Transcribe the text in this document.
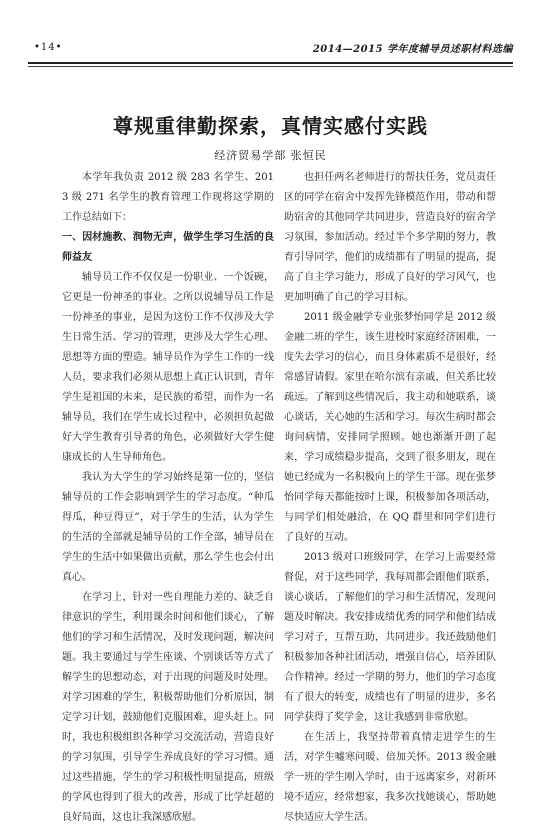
•14•	2014—2015 学年度辅导员述职材料选编
尊规重律勤探索，真情实感付实践
经济贸易学部 张恒民

本学年我负责 2012 级 283 名学生、2013 级 271 名学生的教育管理工作现将这学期的工作总结如下：

一、因材施教、润物无声，做学生学习生活的良师益友

辅导员工作不仅仅是一份职业、一个饭碗，它更是一份神圣的事业。之所以说辅导员工作是一份神圣的事业，是因为这份工作不仅涉及大学生日常生活、学习的管理，更涉及大学生心理、思想等方面的塑造。辅导员作为学生工作的一线人员，要求我们必须从思想上真正认识到，青年学生是祖国的未来，是民族的希望，而作为一名辅导员，我们在学生成长过程中，必须担负起做好大学生教育引导者的角色，必须做好大学生健康成长的人生导师角色。

我认为大学生的学习始终是第一位的，坚信辅导员的工作会影响到学生的学习态度。“种瓜得瓜，种豆得豆”，对于学生的生活，认为学生的生活的全部就是辅导员的工作全部，辅导员在学生的生活中如果做出贡献，那么学生也会付出真心。

在学习上，针对一些自理能力差的、缺乏自律意识的学生，利用课余时间和他们谈心，了解他们的学习和生活情况，及时发现问题，解决问题。我主要通过与学生座谈、个别谈话等方式了解学生的思想动态，对于出现的问题及时处理。对学习困难的学生，积极帮助他们分析原因，制定学习计划，鼓励他们克服困难，迎头赶上。同时，我也积极组织各种学习交流活动，营造良好的学习氛围，引导学生养成良好的学习习惯。通过这些措施，学生的学习积极性明显提高，班级的学风也得到了很大的改善，形成了比学赶超的良好局面，这也让我深感欣慰。

也担任两名老师进行的帮扶任务，党员责任区的同学在宿舍中发挥先锋模范作用，带动和帮助宿舍的其他同学共同进步，营造良好的宿舍学习氛围，参加活动。经过半个多学期的努力，教育引导同学，他们的成绩都有了明显的提高，提高了自主学习能力，形成了良好的学习风气，也更加明确了自己的学习目标。

2011 级金融学专业张梦怡同学是 2012 级金融二班的学生，该生进校时家庭经济困难，一度失去学习的信心，而且身体素质不是很好，经常感冒请假。家里在哈尔滨有亲戚，但关系比较疏远。了解到这些情况后，我主动和她联系，谈心谈话，关心她的生活和学习。每次生病时都会询问病情，安排同学照顾。她也渐渐开朗了起来，学习成绩稳步提高，交到了很多朋友，现在她已经成为一名积极向上的学生干部。现在张梦怡同学每天都能按时上课，积极参加各项活动，与同学们相处融洽，在 QQ 群里和同学们进行了良好的互动。

2013 级对口班级同学，在学习上需要经常督促，对于这些同学，我每周都会跟他们联系，谈心谈话，了解他们的学习和生活情况，发现问题及时解决。我安排成绩优秀的同学和他们结成学习对子，互帮互助，共同进步。我还鼓励他们积极参加各种社团活动，增强自信心，培养团队合作精神。经过一学期的努力，他们的学习态度有了很大的转变，成绩也有了明显的进步，多名同学获得了奖学金，这让我感到非常欣慰。

在生活上，我坚持带着真情走进学生的生活，对学生嘘寒问暖、倍加关怀。2013 级金融学一班的学生刚入学时，由于远离家乡，对新环境不适应，经常想家，我多次找她谈心，帮助她尽快适应大学生活。
